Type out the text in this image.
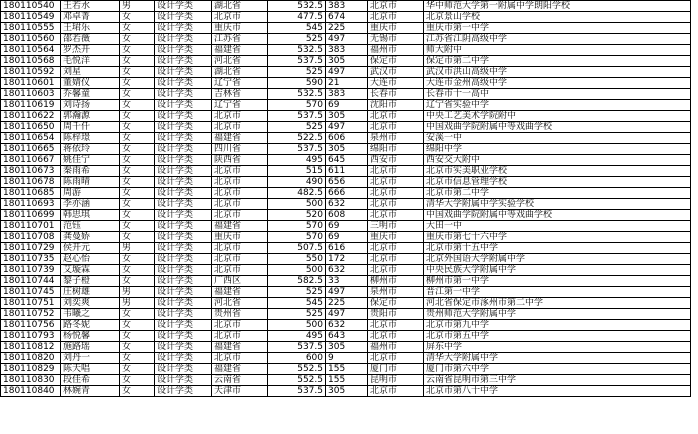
180110540	王若水	男	设计学类	湖北省	532.5	383	北京市	华中师范大学第一附属中学朗阳学校
180110549	邓卓菁	女	设计学类	北京市	477.5	674	北京市	北京景山学校
180110555	王珺乐	女	设计学类	重庆市	545	225	重庆市	重庆市第一中学
180110560	邵若薇	女	设计学类	江苏省	525	497	无锡市	江苏省江阴高级中学
180110564	罗杰开	女	设计学类	福建省	532.5	383	福州市	师大附中
180110568	毛悦洋	女	设计学类	河北省	537.5	305	保定市	保定市第二中学
180110592	刘星	女	设计学类	湖北省	525	497	武汉市	武汉市洪山高级中学
180110601	董婧仪	女	设计学类	辽宁省	590	21	大连市	大连市金州高级中学
180110603	乔馨童	女	设计学类	吉林省	532.5	383	长春市	长春市十一高中
180110619	刘诗扬	女	设计学类	辽宁省	570	69	沈阳市	辽宁省实验中学
180110622	郭瀚源	女	设计学类	北京市	537.5	305	北京市	中央工艺美术学院附中
180110650	周千仟	女	设计学类	北京市	525	497	北京市	中国戏曲学院附属中等戏曲学校
180110654	陈梓璟	女	设计学类	福建省	522.5	606	泉州市	安溪一中
180110665	蒋依玲	女	设计学类	四川省	537.5	305	绵阳市	绵阳中学
180110667	姚佳宁	女	设计学类	陕西省	495	645	西安市	西安交大附中
180110673	秦雨希	女	设计学类	北京市	515	611	北京市	北京市实美职业学校
180110678	陈雨晴	女	设计学类	北京市	490	656	北京市	北京市信息管理学校
180110685	周游	女	设计学类	北京市	482.5	666	北京市	北京市第二中学
180110693	李亦涵	女	设计学类	北京市	500	632	北京市	清华大学附属中学实验学校
180110699	韩思琪	女	设计学类	北京市	520	608	北京市	中国戏曲学院附属中等戏曲学校
180110701	范钰	女	设计学类	福建省	570	69	三明市	大田一中
180110708	龚曼娇	女	设计学类	重庆市	570	69	重庆市	重庆市第七十六中学
180110729	侯开元	男	设计学类	北京市	507.5	616	北京市	北京市第十五中学
180110735	赵心怡	女	设计学类	北京市	550	172	北京市	北京外国语大学附属中学
180110739	艾璇霖	女	设计学类	北京市	500	632	北京市	中央民族大学附属中学
180110744	黎子橙	女	设计学类	广西区	582.5	33	柳州市	柳州市第一中学
180110745	庄树雄	男	设计学类	福建省	525	497	泉州市	晋江第一中学
180110751	刘奕爽	男	设计学类	河北省	545	225	保定市	河北省保定市涿州市第二中学
180110752	韦曦之	女	设计学类	贵州省	525	497	贵阳市	贵州师范大学附属中学
180110756	路冬妮	女	设计学类	北京市	500	632	北京市	北京市第九中学
180110793	杨悦馨	女	设计学类	北京市	495	643	北京市	北京市第五中学
180110812	施路瑶	女	设计学类	福建省	537.5	305	福州市	屏东中学
180110820	刘丹一	女	设计学类	北京市	600	9	北京市	清华大学附属中学
180110829	陈天唱	女	设计学类	福建省	552.5	155	厦门市	厦门市第六中学
180110830	段佳希	女	设计学类	云南省	552.5	155	昆明市	云南省昆明市第三中学
180110840	林婉青	女	设计学类	天津市	537.5	305	北京市	北京市第八十中学
